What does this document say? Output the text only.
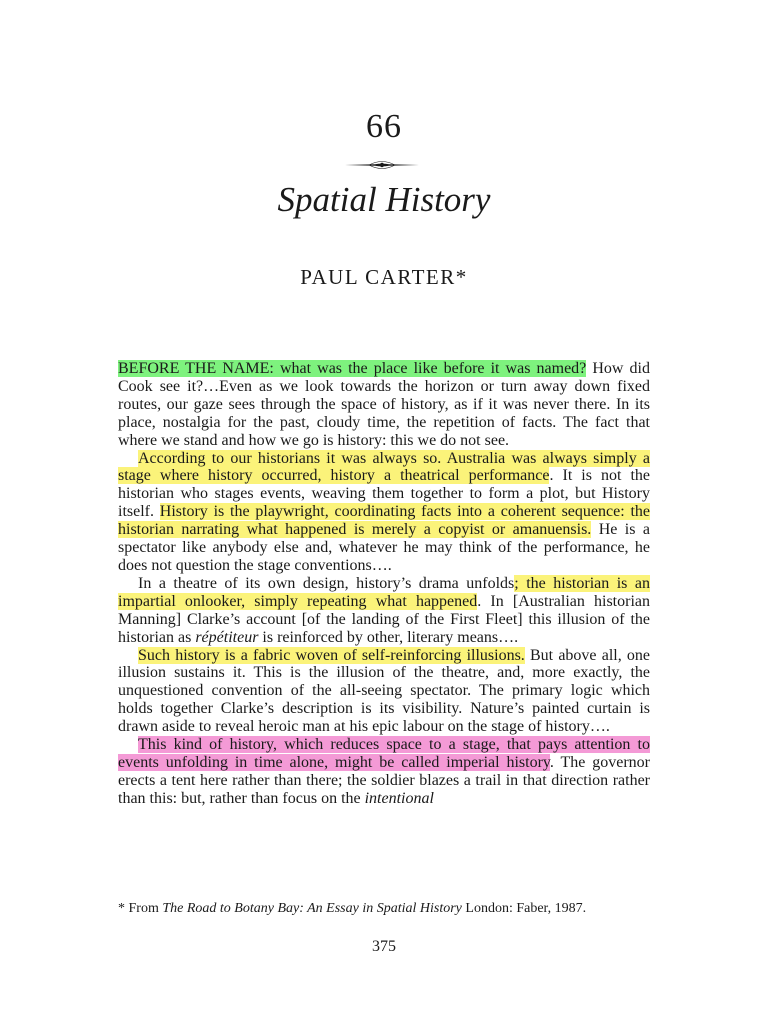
66
Spatial History
PAUL CARTER*

BEFORE THE NAME: what was the place like before it was named? How did Cook see it?…Even as we look towards the horizon or turn away down fixed routes, our gaze sees through the space of history, as if it was never there. In its place, nostalgia for the past, cloudy time, the repetition of facts. The fact that where we stand and how we go is history: this we do not see.

According to our historians it was always so. Australia was always simply a stage where history occurred, history a theatrical performance. It is not the historian who stages events, weaving them together to form a plot, but History itself. History is the playwright, coordinating facts into a coherent sequence: the historian narrating what happened is merely a copyist or amanuensis. He is a spectator like anybody else and, whatever he may think of the performance, he does not question the stage conventions….

In a theatre of its own design, history’s drama unfolds; the historian is an impartial onlooker, simply repeating what happened. In [Australian historian Manning] Clarke’s account [of the landing of the First Fleet] this illusion of the historian as répétiteur is reinforced by other, literary means….

Such history is a fabric woven of self-reinforcing illusions. But above all, one illusion sustains it. This is the illusion of the theatre, and, more exactly, the unquestioned convention of the all-seeing spectator. The primary logic which holds together Clarke’s description is its visibility. Nature’s painted curtain is drawn aside to reveal heroic man at his epic labour on the stage of history….

This kind of history, which reduces space to a stage, that pays attention to events unfolding in time alone, might be called imperial history. The governor erects a tent here rather than there; the soldier blazes a trail in that direction rather than this: but, rather than focus on the intentional

* From The Road to Botany Bay: An Essay in Spatial History London: Faber, 1987.
375
